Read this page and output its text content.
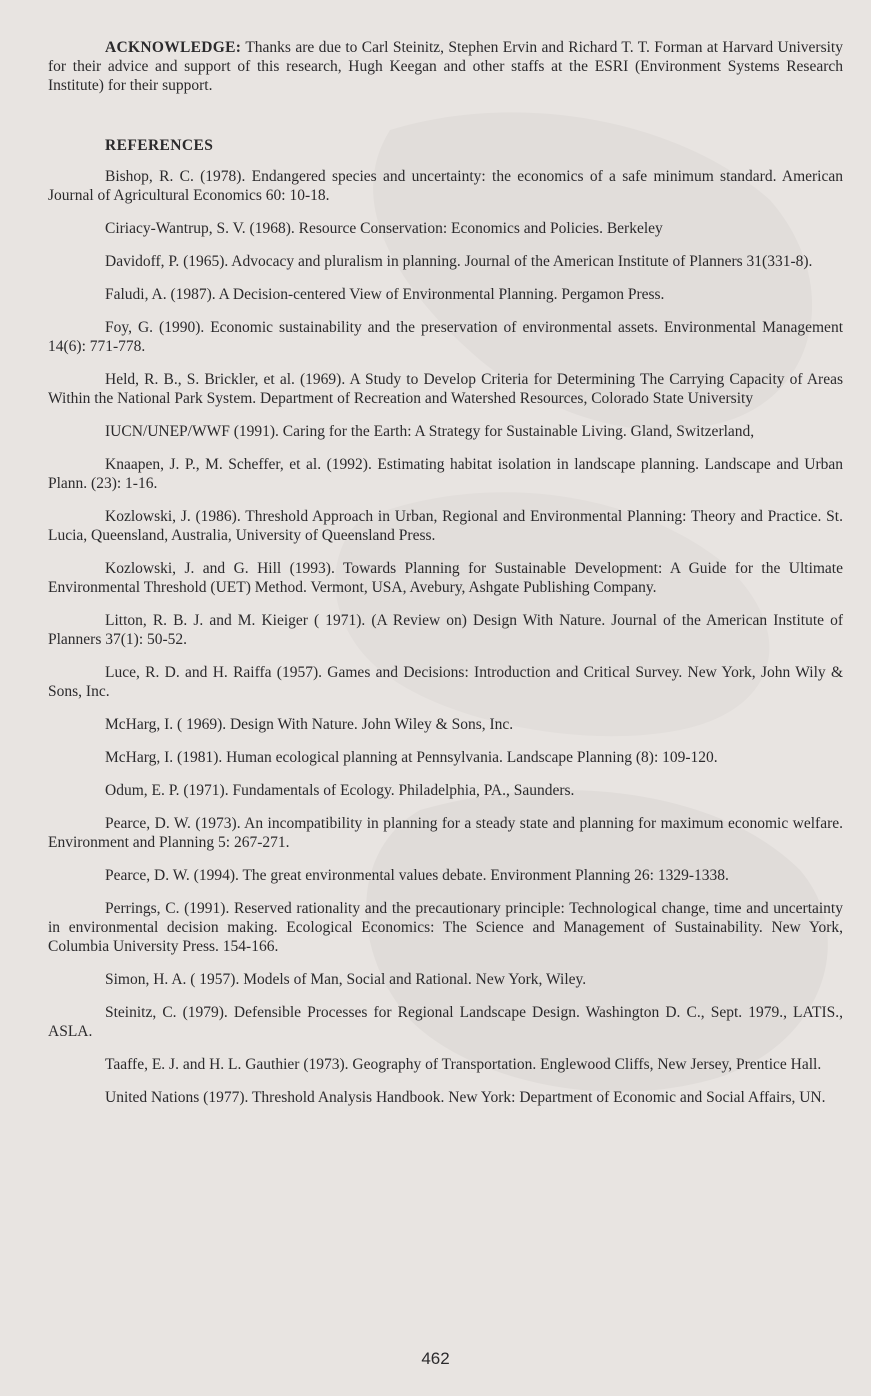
ACKNOWLEDGE: Thanks are due to Carl Steinitz, Stephen Ervin and Richard T. T. Forman at Harvard University for their advice and support of this research, Hugh Keegan and other staffs at the ESRI (Environment Systems Research Institute) for their support.

REFERENCES

Bishop, R. C. (1978). Endangered species and uncertainty: the economics of a safe minimum standard. American Journal of Agricultural Economics 60: 10-18.

Ciriacy-Wantrup, S. V. (1968). Resource Conservation: Economics and Policies. Berkeley

Davidoff, P. (1965). Advocacy and pluralism in planning. Journal of the American Institute of Planners 31(331-8).

Faludi, A. (1987). A Decision-centered View of Environmental Planning. Pergamon Press.

Foy, G. (1990). Economic sustainability and the preservation of environmental assets. Environmental Management 14(6): 771-778.

Held, R. B., S. Brickler, et al. (1969). A Study to Develop Criteria for Determining The Carrying Capacity of Areas Within the National Park System. Department of Recreation and Watershed Resources, Colorado State University

IUCN/UNEP/WWF (1991). Caring for the Earth: A Strategy for Sustainable Living. Gland, Switzerland,

Knaapen, J. P., M. Scheffer, et al. (1992). Estimating habitat isolation in landscape planning. Landscape and Urban Plann. (23): 1-16.

Kozlowski, J. (1986). Threshold Approach in Urban, Regional and Environmental Planning: Theory and Practice. St. Lucia, Queensland, Australia, University of Queensland Press.

Kozlowski, J. and G. Hill (1993). Towards Planning for Sustainable Development: A Guide for the Ultimate Environmental Threshold (UET) Method. Vermont, USA, Avebury, Ashgate Publishing Company.

Litton, R. B. J. and M. Kieiger ( 1971). (A Review on) Design With Nature. Journal of the American Institute of Planners 37(1): 50-52.

Luce, R. D. and H. Raiffa (1957). Games and Decisions: Introduction and Critical Survey. New York, John Wily & Sons, Inc.

McHarg, I. ( 1969). Design With Nature. John Wiley & Sons, Inc.

McHarg, I. (1981). Human ecological planning at Pennsylvania. Landscape Planning (8): 109-120.

Odum, E. P. (1971). Fundamentals of Ecology. Philadelphia, PA., Saunders.

Pearce, D. W. (1973). An incompatibility in planning for a steady state and planning for maximum economic welfare. Environment and Planning 5: 267-271.

Pearce, D. W. (1994). The great environmental values debate. Environment Planning 26: 1329-1338.

Perrings, C. (1991). Reserved rationality and the precautionary principle: Technological change, time and uncertainty in environmental decision making. Ecological Economics: The Science and Management of Sustainability. New York, Columbia University Press. 154-166.

Simon, H. A. ( 1957). Models of Man, Social and Rational. New York, Wiley.

Steinitz, C. (1979). Defensible Processes for Regional Landscape Design. Washington D. C., Sept. 1979., LATIS., ASLA.

Taaffe, E. J. and H. L. Gauthier (1973). Geography of Transportation. Englewood Cliffs, New Jersey, Prentice Hall.

United Nations (1977). Threshold Analysis Handbook. New York: Department of Economic and Social Affairs, UN.

462
